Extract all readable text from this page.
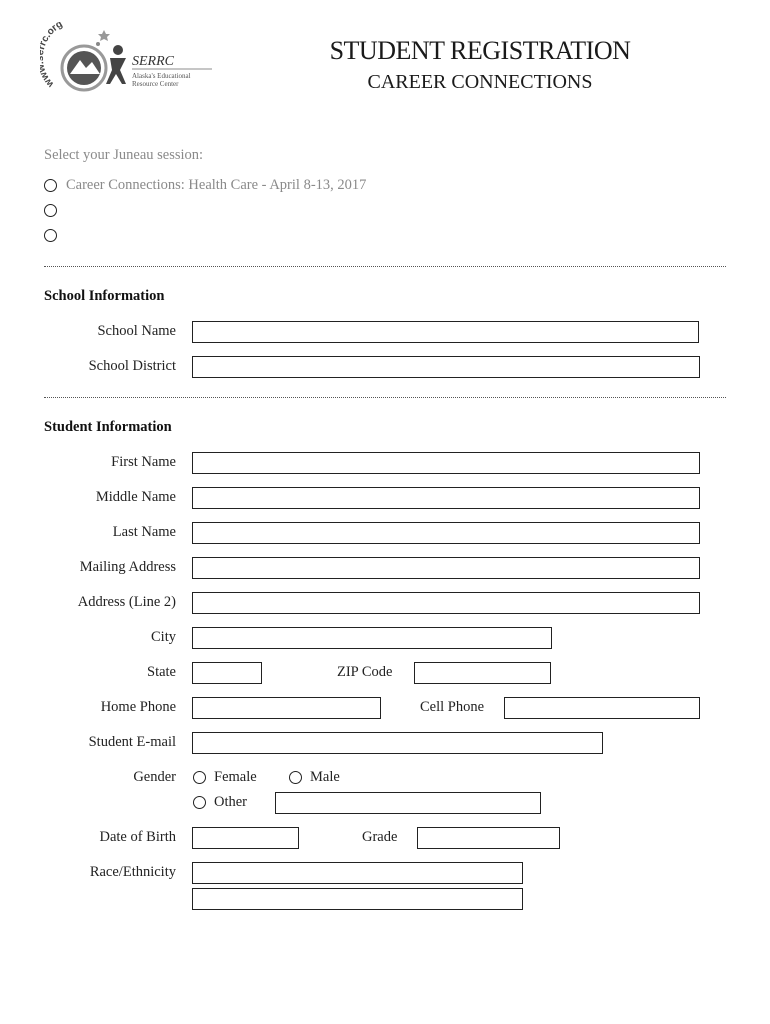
w c.org
SERRC
Alaska's Educational
Resource Center
STUDENT REGISTRATION
CAREER CONNECTIONS
Select your Juneau session:
Career Connections: Health Care - April 8-13, 2017
School Information
School Name
School District
Student Information
First Name
Middle Name
Last Name
Mailing Address
Address (Line 2)
City
State	ZIP Code
Home Phone	Cell Phone
Student E-mail
Gender	Female	Male
Other
Date of Birth	Grade
Race/Ethnicity
